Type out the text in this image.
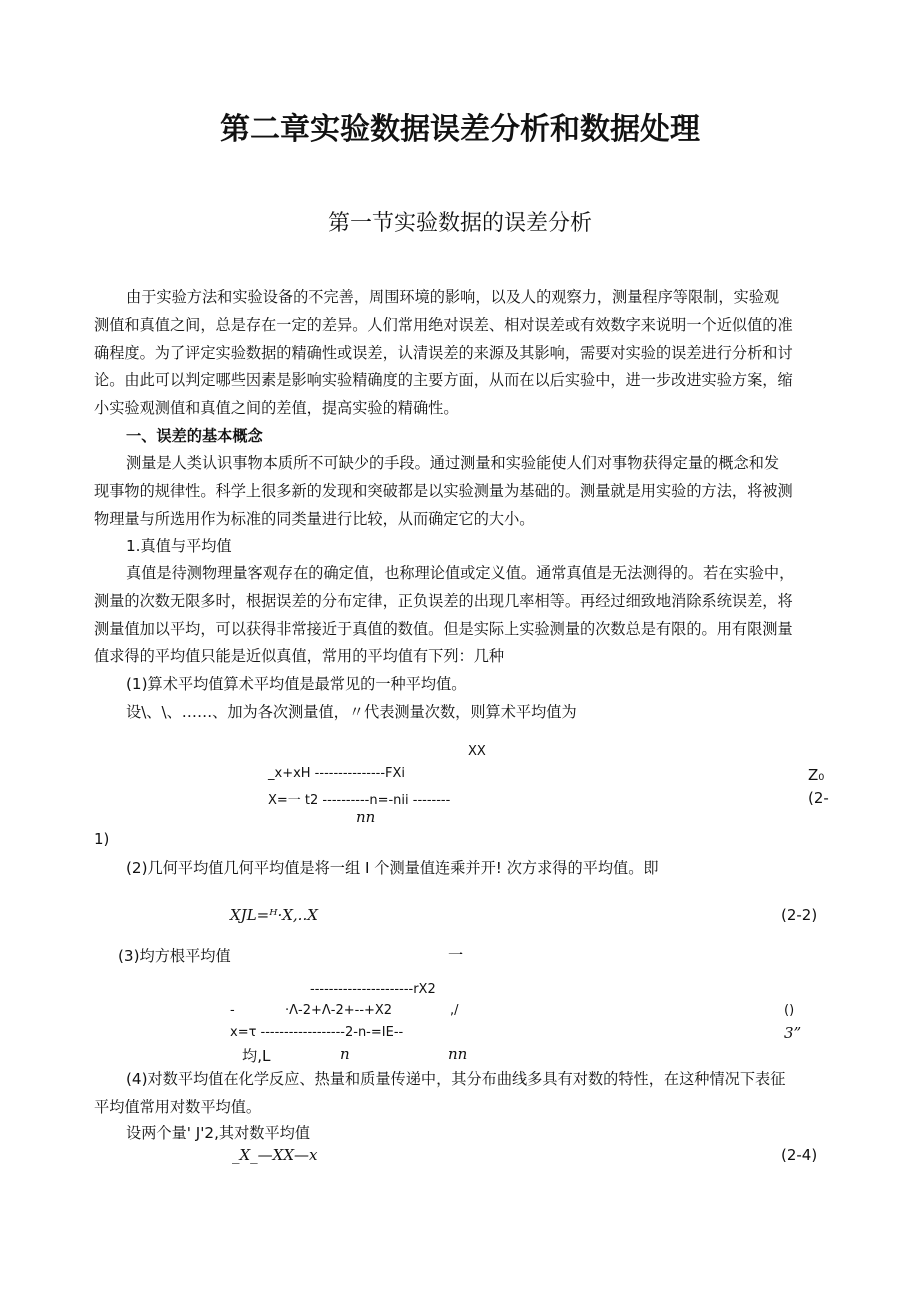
第二章实验数据误差分析和数据处理
第一节实验数据的误差分析
由于实验方法和实验设备的不完善，周围环境的影响，以及人的观察力，测量程序等限制，实验观
测值和真值之间，总是存在一定的差异。人们常用绝对误差、相对误差或有效数字来说明一个近似值的准
确程度。为了评定实验数据的精确性或误差，认清误差的来源及其影响，需要对实验的误差进行分析和讨
论。由此可以判定哪些因素是影响实验精确度的主要方面，从而在以后实验中，进一步改进实验方案，缩
小实验观测值和真值之间的差值，提高实验的精确性。
一、误差的基本概念
测量是人类认识事物本质所不可缺少的手段。通过测量和实验能使人们对事物获得定量的概念和发
现事物的规律性。科学上很多新的发现和突破都是以实验测量为基础的。测量就是用实验的方法，将被测
物理量与所选用作为标准的同类量进行比较，从而确定它的大小。
1.真值与平均值
真值是待测物理量客观存在的确定值，也称理论值或定义值。通常真值是无法测得的。若在实验中，
测量的次数无限多时，根据误差的分布定律，正负误差的出现几率相等。再经过细致地消除系统误差，将
测量值加以平均，可以获得非常接近于真值的数值。但是实际上实验测量的次数总是有限的。用有限测量
值求得的平均值只能是近似真值，常用的平均值有下列：几种
(1)算术平均值算术平均值是最常见的一种平均值。
设\、\、……、加为各次测量值，〃代表测量次数，则算术平均值为
XX
_x+xH ---------------FXi	Z₀
X=一 t2 ----------n=-nii --------	(2-
nn
1)
(2)几何平均值几何平均值是将一组 I 个测量值连乘并开! 次方求得的平均值。即
XJL=ᴴ·X,..X	(2-2)
(3)均方根平均值	一
----------------------rX2
-	·Λ-2+Λ-2+--+X2	,/	()
x=τ ------------------2-n-=IE--	3”
均,L	n	nn
(4)对数平均值在化学反应、热量和质量传递中，其分布曲线多具有对数的特性，在这种情况下表征
平均值常用对数平均值。
设两个量' J'2,其对数平均值
_X_—XX—x	(2-4)
